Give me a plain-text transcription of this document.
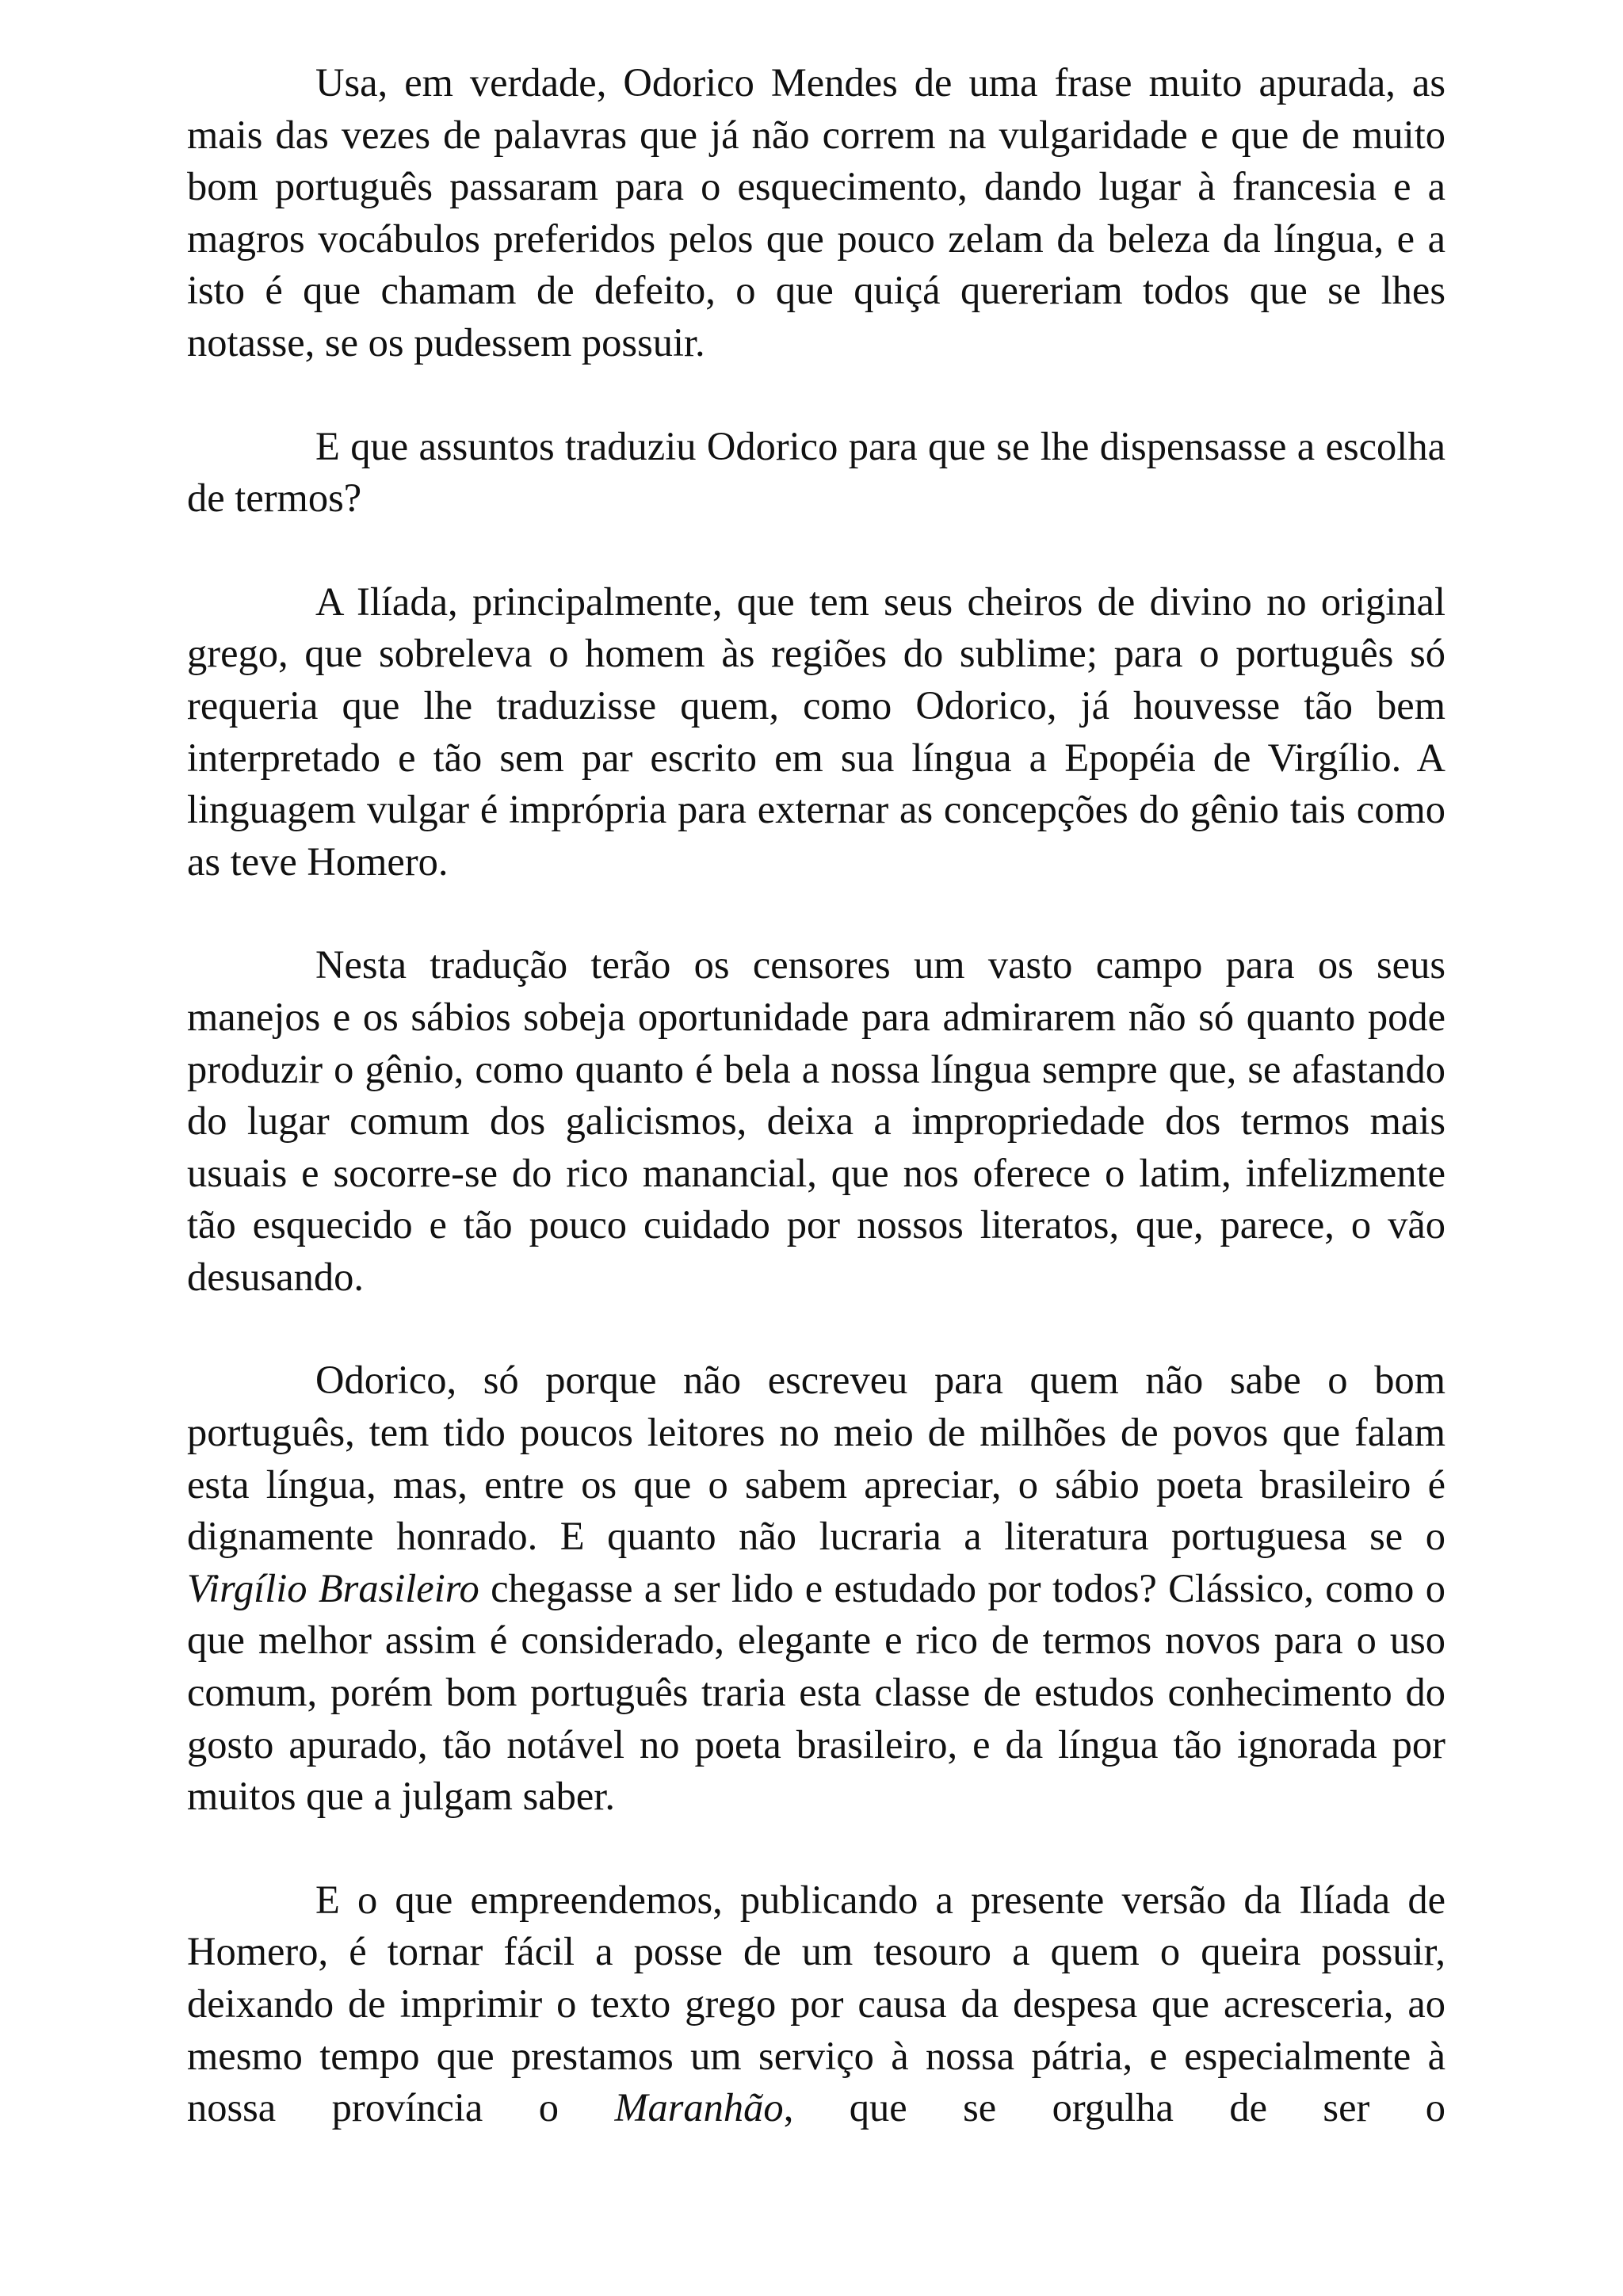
Usa, em verdade, Odorico Mendes de uma frase muito apurada, as mais das vezes de palavras que já não correm na vulgaridade e que de muito bom português passaram para o esquecimento, dando lugar à francesia e a magros vocábulos preferidos pelos que pouco zelam da beleza da língua, e a isto é que chamam de defeito, o que quiçá quereriam todos que se lhes notasse, se os pudessem possuir.

E que assuntos traduziu Odorico para que se lhe dispensasse a escolha de termos?

A Ilíada, principalmente, que tem seus cheiros de divino no original grego, que sobreleva o homem às regiões do sublime; para o português só requeria que lhe traduzisse quem, como Odorico, já houvesse tão bem interpretado e tão sem par escrito em sua língua a Epopéia de Virgílio. A linguagem vulgar é imprópria para externar as concepções do gênio tais como as teve Homero.

Nesta tradução terão os censores um vasto campo para os seus manejos e os sábios sobeja oportunidade para admirarem não só quanto pode produzir o gênio, como quanto é bela a nossa língua sempre que, se afastando do lugar comum dos galicismos, deixa a impropriedade dos termos mais usuais e socorre-se do rico manancial, que nos oferece o latim, infelizmente tão esquecido e tão pouco cuidado por nossos literatos, que, parece, o vão desusando.

Odorico, só porque não escreveu para quem não sabe o bom português, tem tido poucos leitores no meio de milhões de povos que falam esta língua, mas, entre os que o sabem apreciar, o sábio poeta brasileiro é dignamente honrado. E quanto não lucraria a literatura portuguesa se o Virgílio Brasileiro chegasse a ser lido e estudado por todos? Clássico, como o que melhor assim é considerado, elegante e rico de termos novos para o uso comum, porém bom português traria esta classe de estudos conhecimento do gosto apurado, tão notável no poeta brasileiro, e da língua tão ignorada por muitos que a julgam saber.

E o que empreendemos, publicando a presente versão da Ilíada de Homero, é tornar fácil a posse de um tesouro a quem o queira possuir, deixando de imprimir o texto grego por causa da despesa que acresceria, ao mesmo tempo que prestamos um serviço à nossa pátria, e especialmente à nossa província o Maranhão, que se orgulha de ser o
